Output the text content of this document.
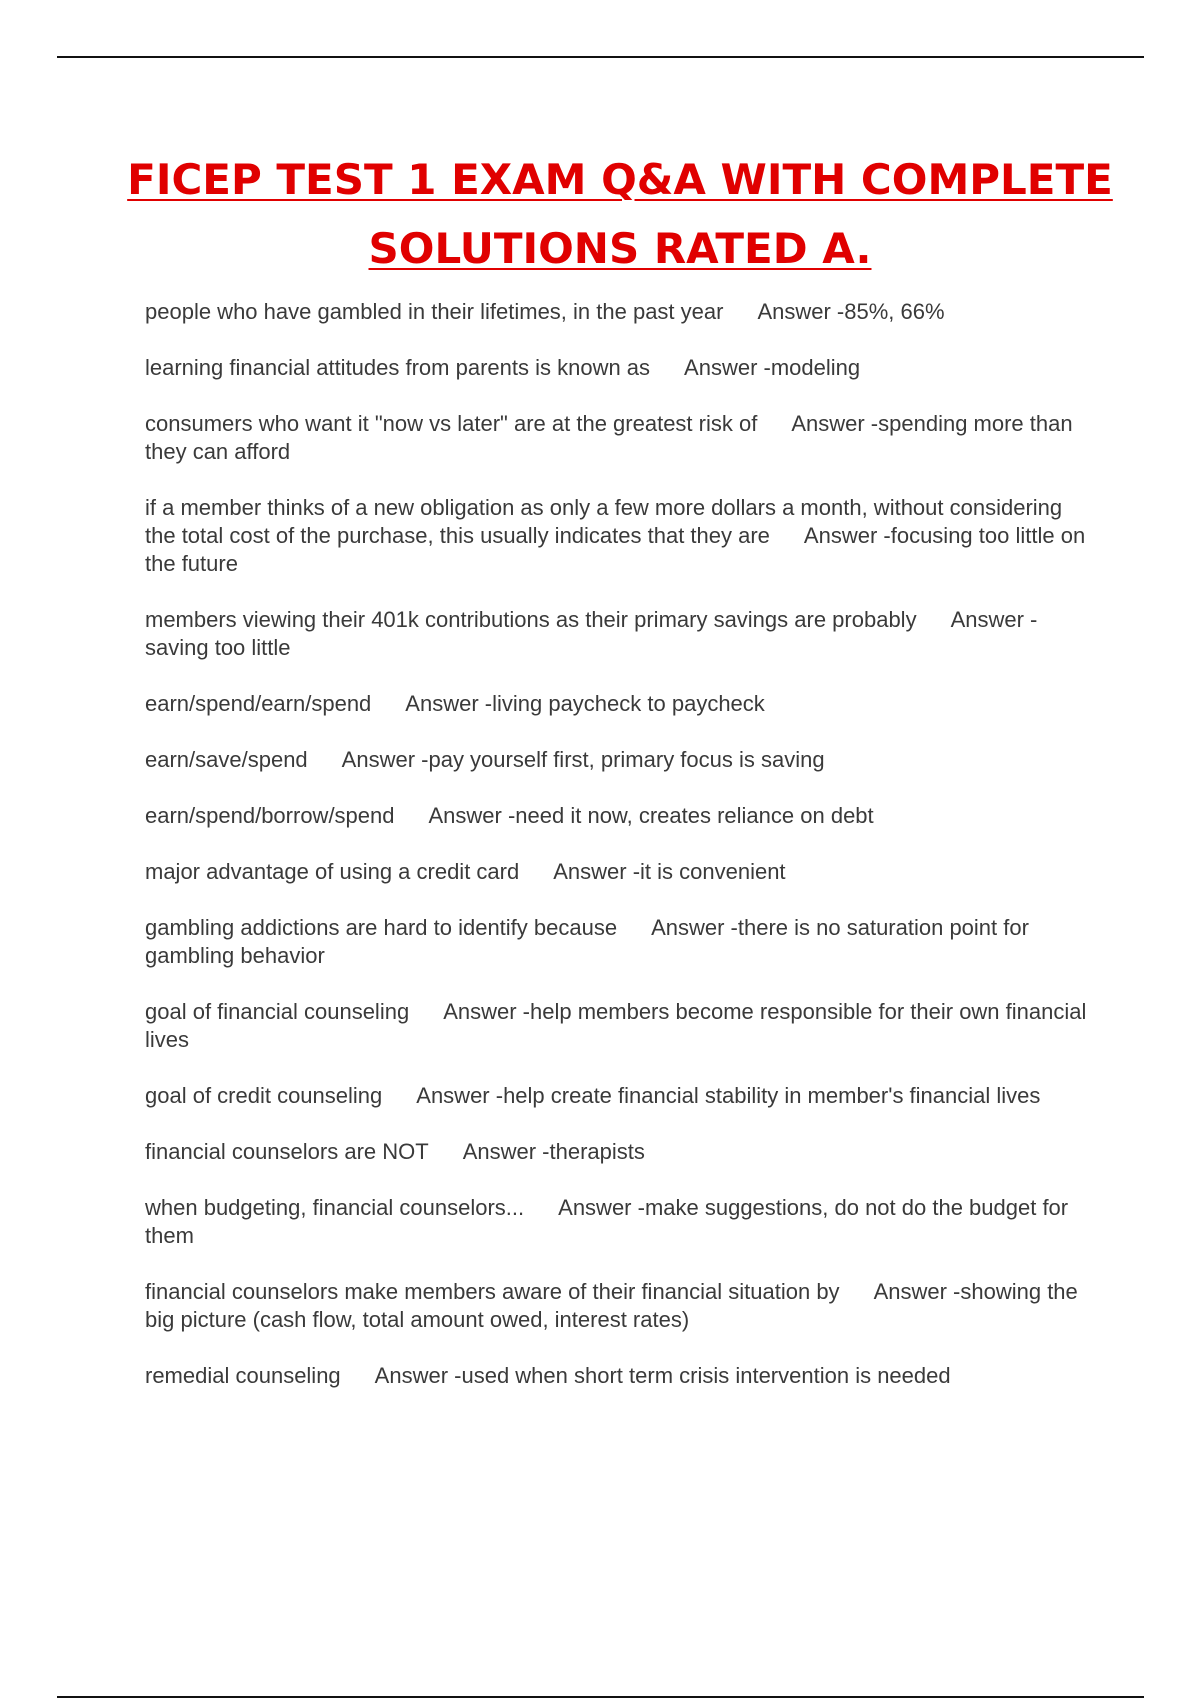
FICEP TEST 1 EXAM Q&A WITH COMPLETE
SOLUTIONS RATED A.

people who have gambled in their lifetimes, in the past year Answer -85%, 66%

learning financial attitudes from parents is known as Answer -modeling

consumers who want it "now vs later" are at the greatest risk of Answer -spending more than they can afford

if a member thinks of a new obligation as only a few more dollars a month, without considering the total cost of the purchase, this usually indicates that they are Answer -focusing too little on the future

members viewing their 401k contributions as their primary savings are probably Answer -saving too little

earn/spend/earn/spend Answer -living paycheck to paycheck

earn/save/spend Answer -pay yourself first, primary focus is saving

earn/spend/borrow/spend Answer -need it now, creates reliance on debt

major advantage of using a credit card Answer -it is convenient

gambling addictions are hard to identify because Answer -there is no saturation point for gambling behavior

goal of financial counseling Answer -help members become responsible for their own financial lives

goal of credit counseling Answer -help create financial stability in member's financial lives

financial counselors are NOT Answer -therapists

when budgeting, financial counselors... Answer -make suggestions, do not do the budget for them

financial counselors make members aware of their financial situation by Answer -showing the big picture (cash flow, total amount owed, interest rates)

remedial counseling Answer -used when short term crisis intervention is needed
